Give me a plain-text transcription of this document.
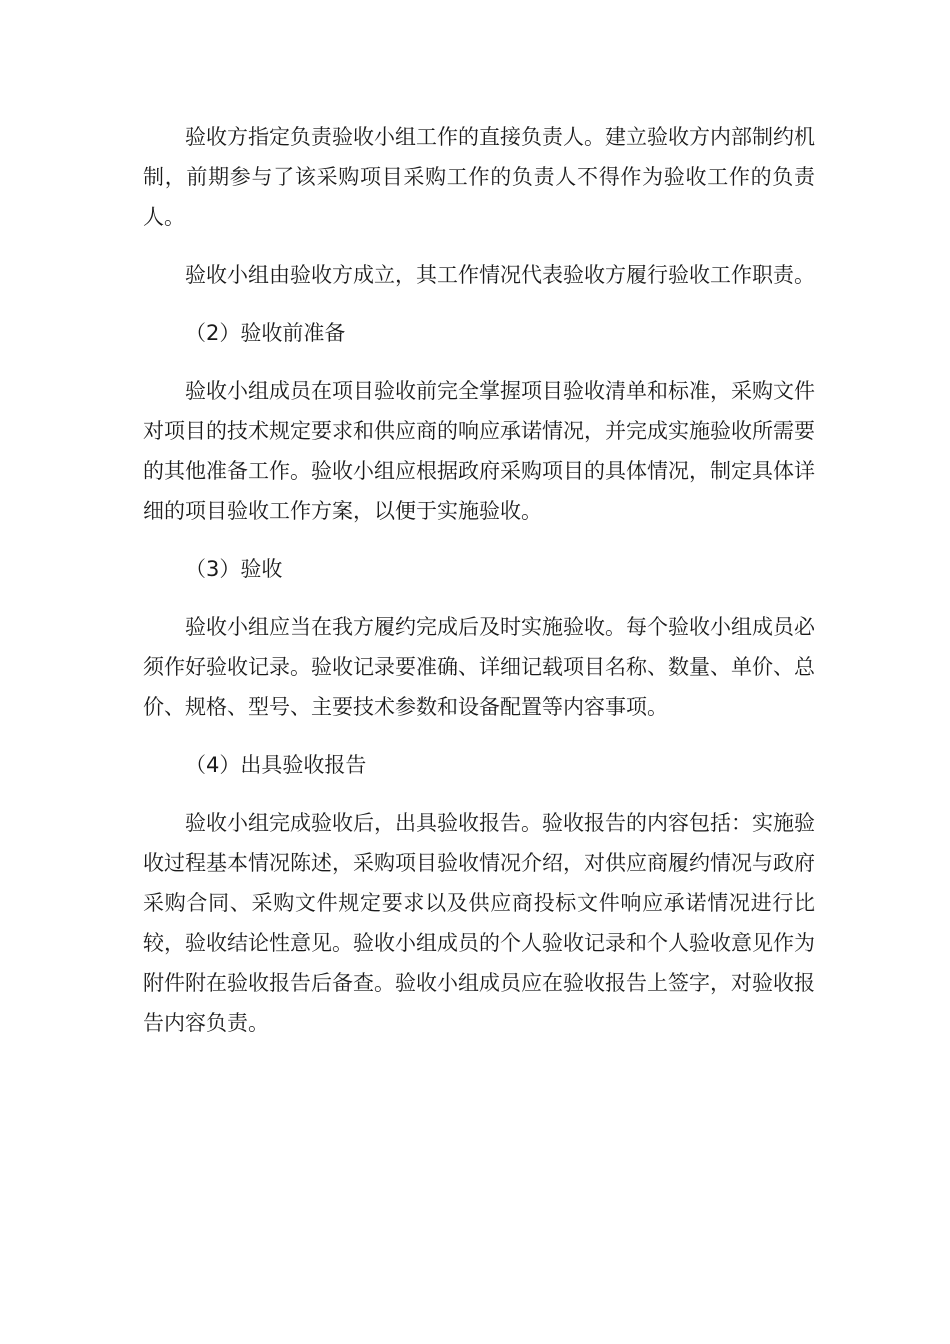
验收方指定负责验收小组工作的直接负责人。建立验收方内部制约机制，前期参与了该采购项目采购工作的负责人不得作为验收工作的负责人。

验收小组由验收方成立，其工作情况代表验收方履行验收工作职责。

（2）验收前准备

验收小组成员在项目验收前完全掌握项目验收清单和标准，采购文件对项目的技术规定要求和供应商的响应承诺情况，并完成实施验收所需要的其他准备工作。验收小组应根据政府采购项目的具体情况，制定具体详细的项目验收工作方案，以便于实施验收。

（3）验收

验收小组应当在我方履约完成后及时实施验收。每个验收小组成员必须作好验收记录。验收记录要准确、详细记载项目名称、数量、单价、总价、规格、型号、主要技术参数和设备配置等内容事项。

（4）出具验收报告

验收小组完成验收后，出具验收报告。验收报告的内容包括：实施验收过程基本情况陈述，采购项目验收情况介绍，对供应商履约情况与政府采购合同、采购文件规定要求以及供应商投标文件响应承诺情况进行比较，验收结论性意见。验收小组成员的个人验收记录和个人验收意见作为附件附在验收报告后备查。验收小组成员应在验收报告上签字，对验收报告内容负责。
